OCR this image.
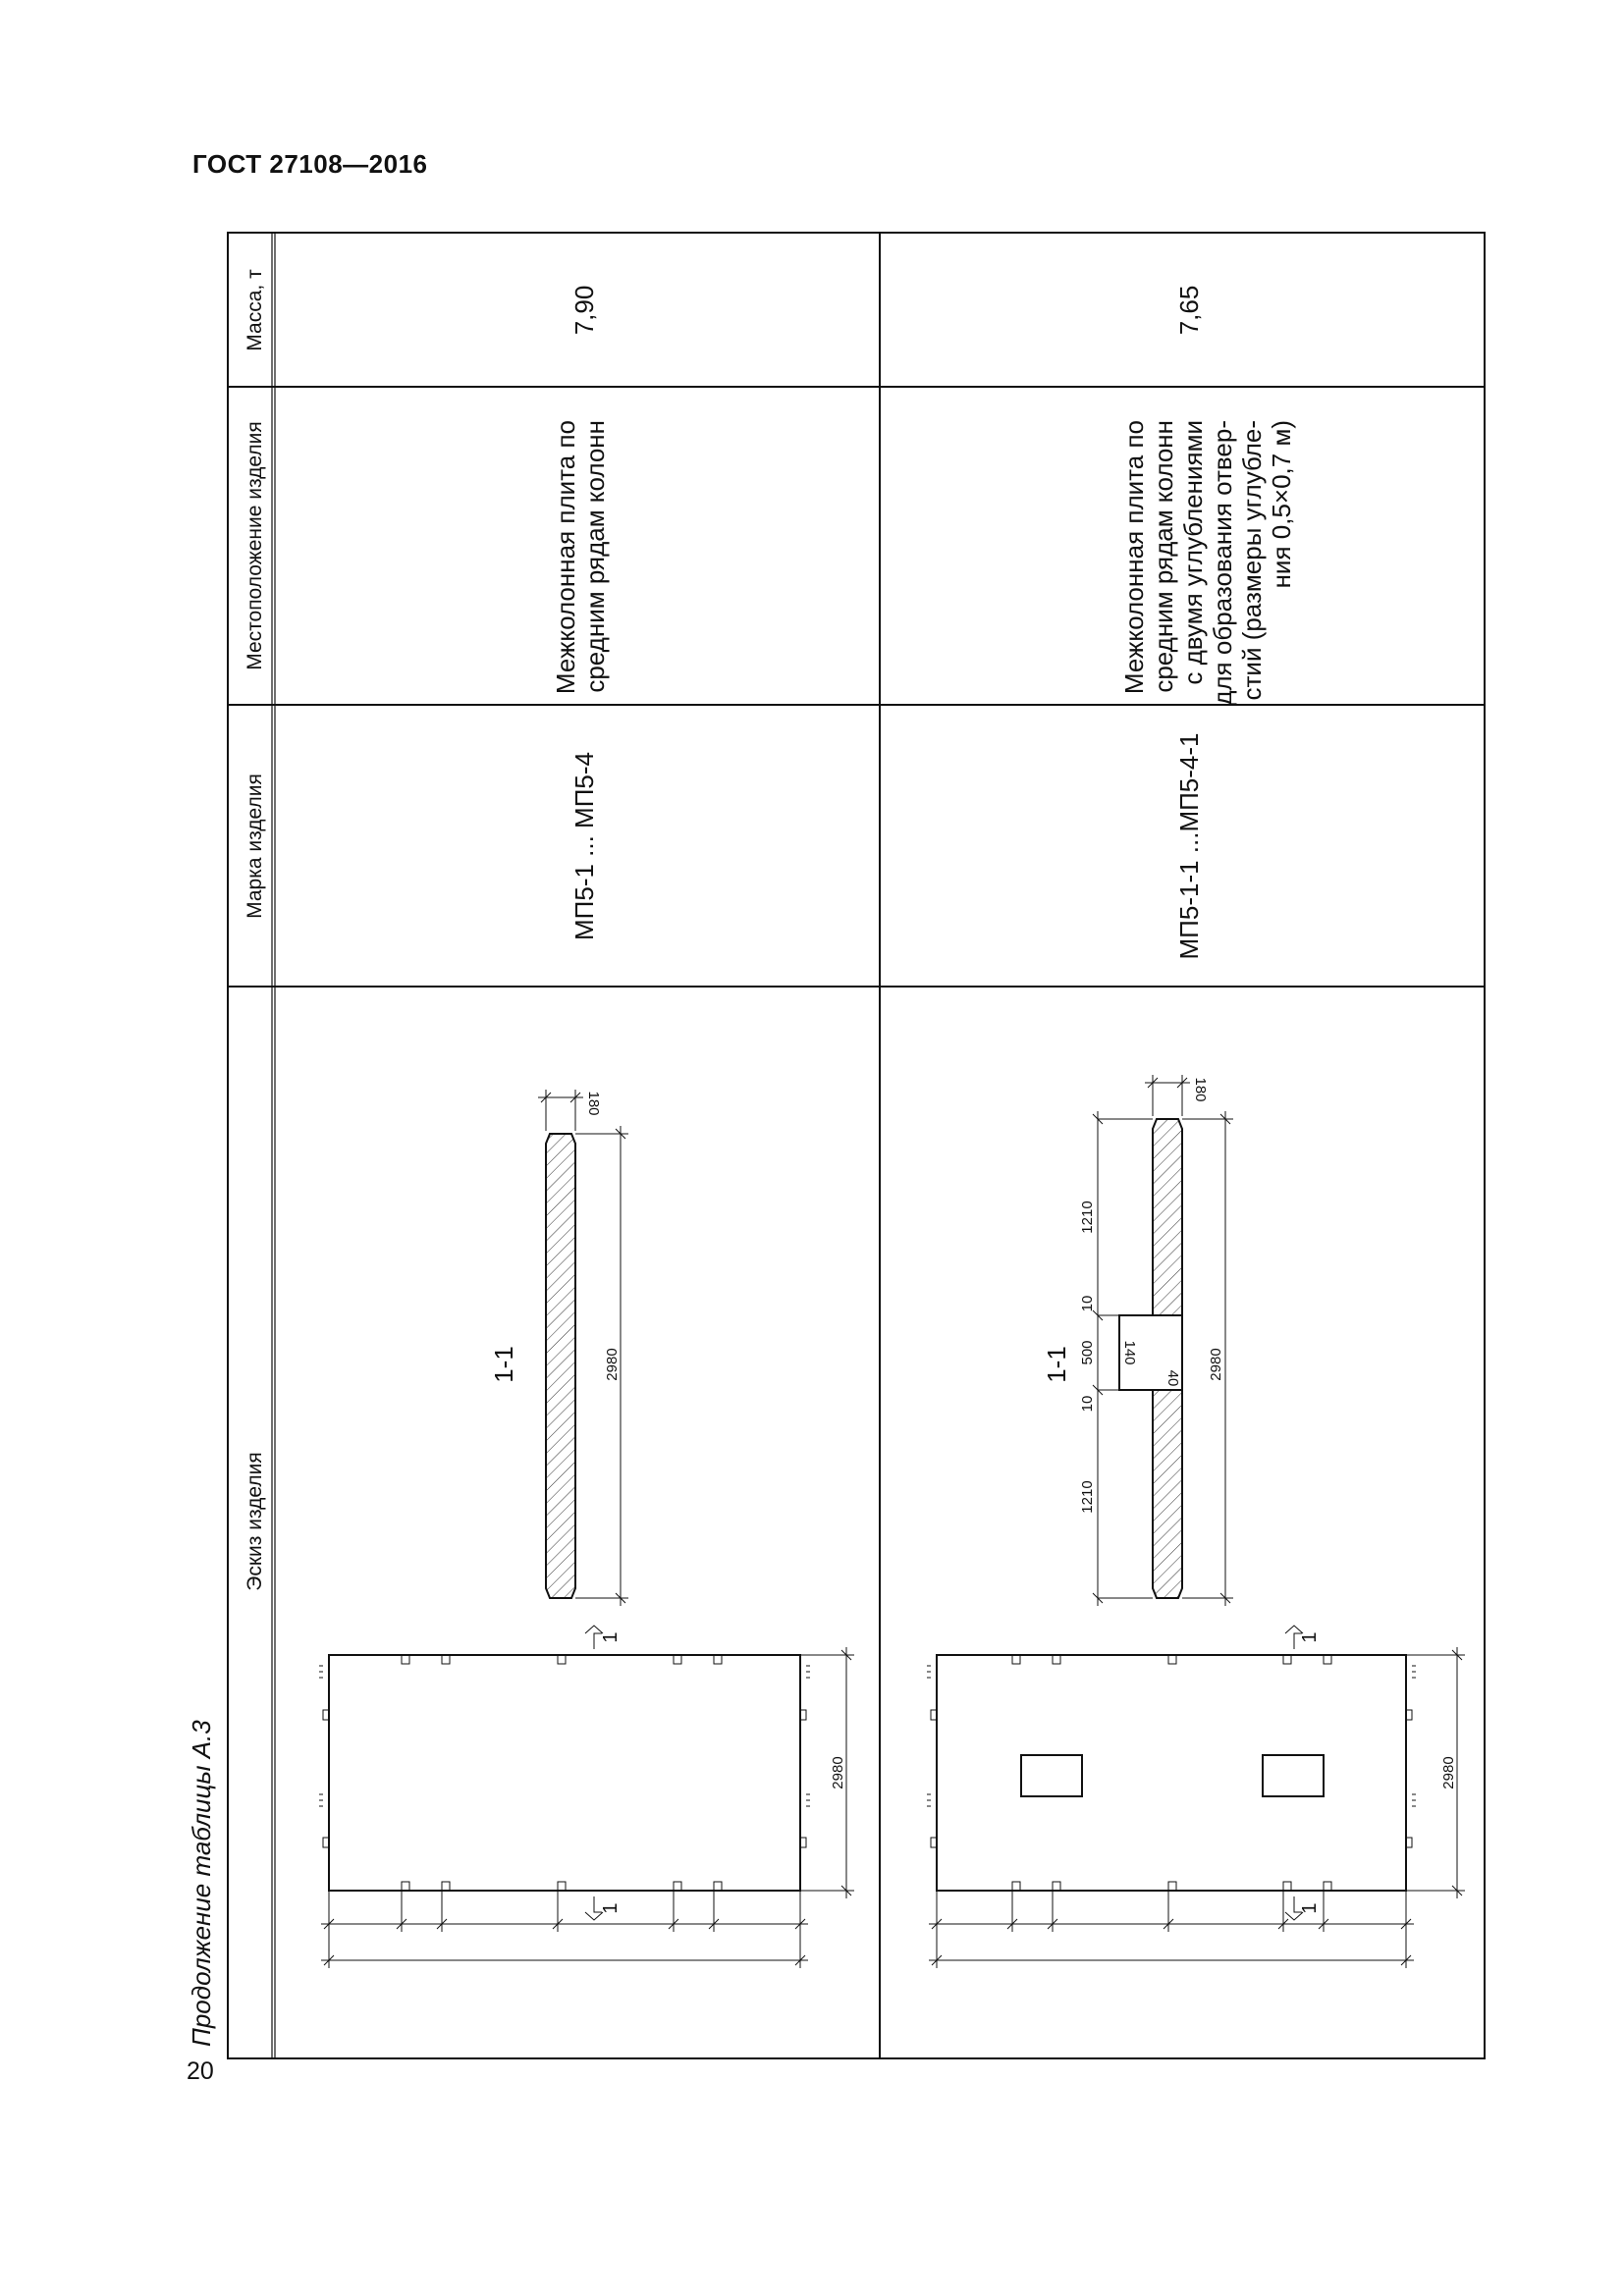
ГОСТ 27108—2016
20
Продолжение таблицы А.3
Масса, т
Местоположение изделия
Марка изделия
Эскиз изделия
7,90
Межколонная плита по средним рядам колонн
МП5-1 ... МП5-4
7,65
Межколонная плита по средним рядам колонн с двумя углублениями для образования отвер- стий (размеры углубле- ния 0,5×0,7 м)
МП5-1-1 ...МП5-4-1
1-1
180
2980
2980
1
1
1-1
180
1210
10
500
10
1210
140
40 2980
2980
1
1
